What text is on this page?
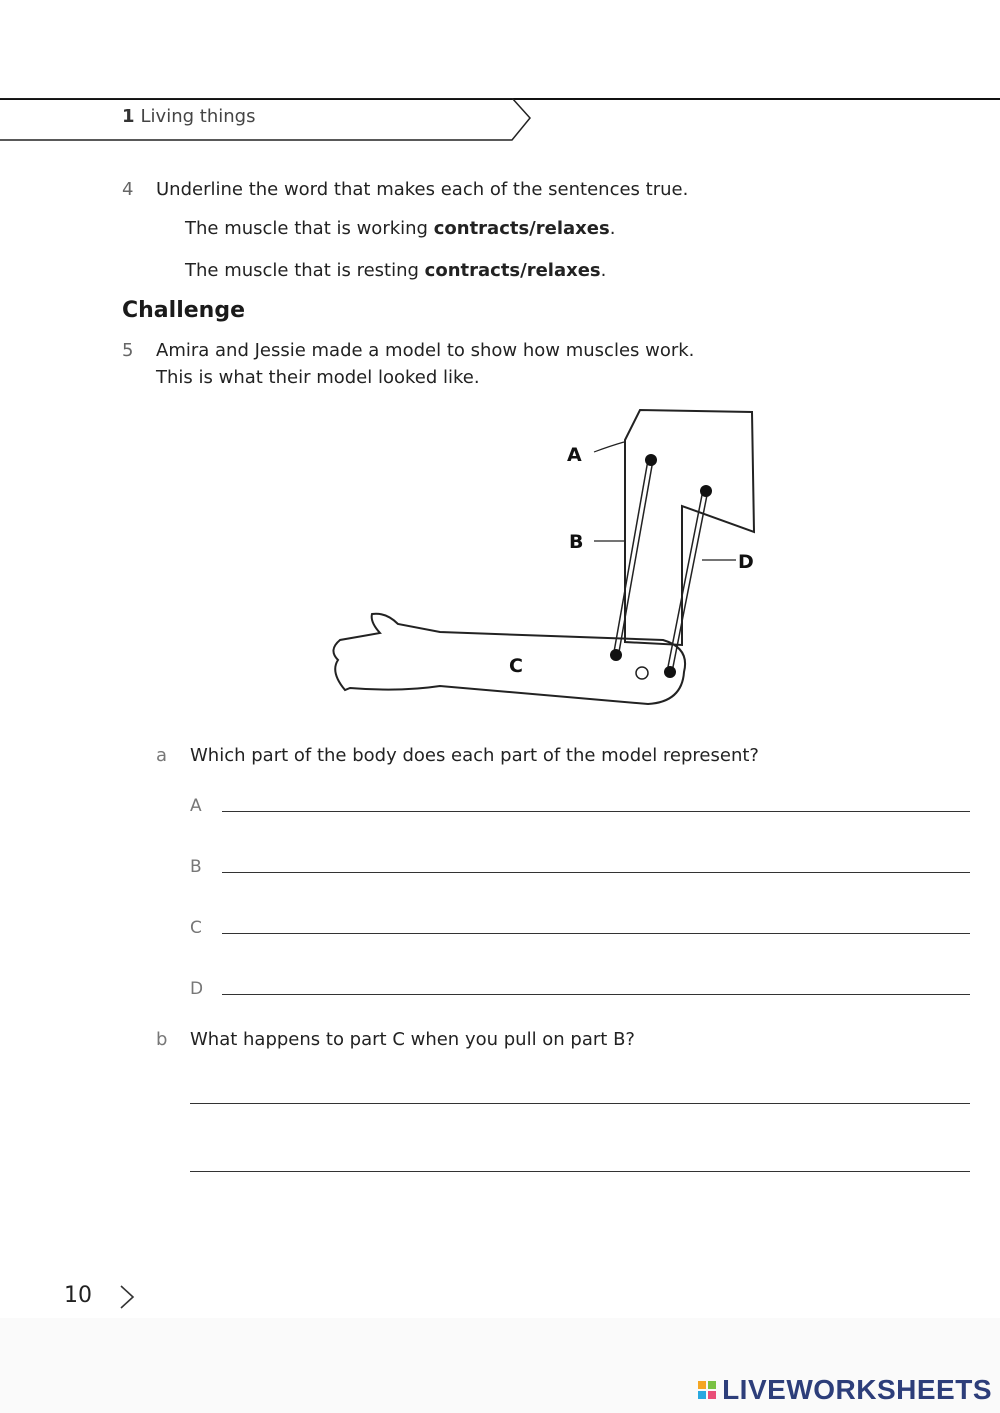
1 Living things
4 Underline the word that makes each of the sentences true.
The muscle that is working contracts/relaxes.
The muscle that is resting contracts/relaxes.
Challenge
5 Amira and Jessie made a model to show how muscles work.
This is what their model looked like.
A
B
D
C
a Which part of the body does each part of the model represent?
A
B
C
D
b What happens to part C when you pull on part B?
10
LIVEWORKSHEETS
